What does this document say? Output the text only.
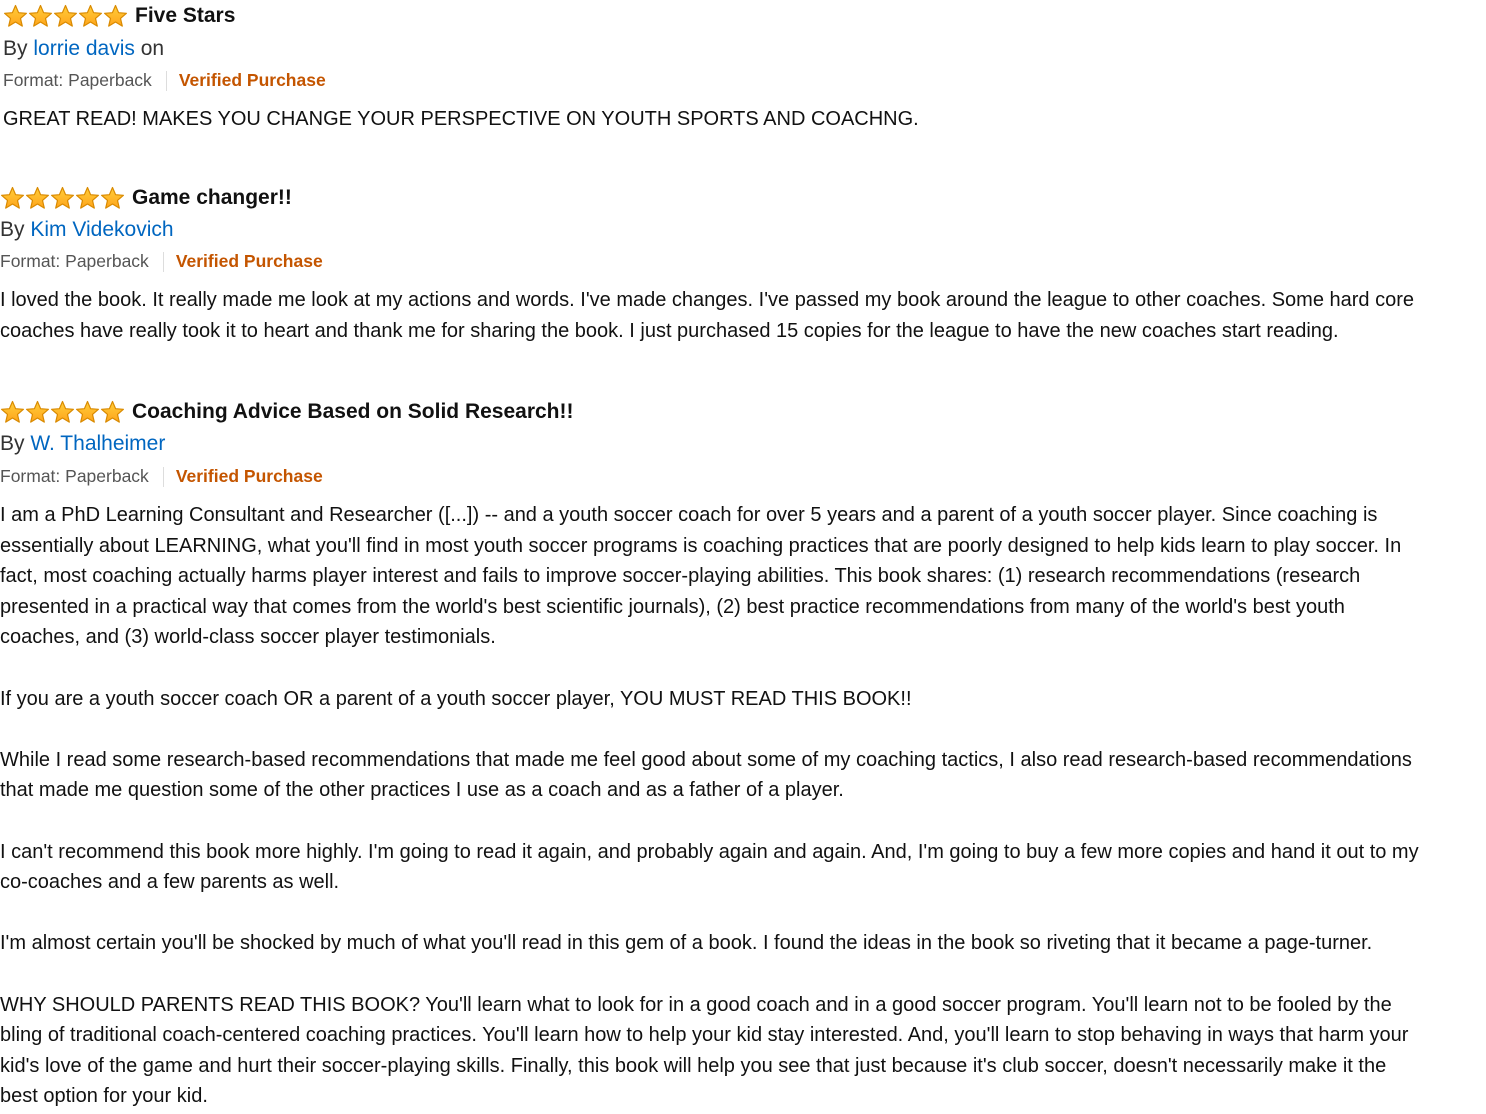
Five Stars
By lorrie davis on
Format: Paperback Verified Purchase

GREAT READ! MAKES YOU CHANGE YOUR PERSPECTIVE ON YOUTH SPORTS AND COACHNG.

Game changer!!
By Kim Videkovich
Format: Paperback Verified Purchase

I loved the book. It really made me look at my actions and words. I've made changes. I've passed my book around the league to other coaches. Some hard core

coaches have really took it to heart and thank me for sharing the book. I just purchased 15 copies for the league to have the new coaches start reading.

Coaching Advice Based on Solid Research!!
By W. Thalheimer
Format: Paperback Verified Purchase

I am a PhD Learning Consultant and Researcher ([...]) -- and a youth soccer coach for over 5 years and a parent of a youth soccer player. Since coaching is

essentially about LEARNING, what you'll find in most youth soccer programs is coaching practices that are poorly designed to help kids learn to play soccer. In

fact, most coaching actually harms player interest and fails to improve soccer-playing abilities. This book shares: (1) research recommendations (research

presented in a practical way that comes from the world's best scientific journals), (2) best practice recommendations from many of the world's best youth

coaches, and (3) world-class soccer player testimonials.

If you are a youth soccer coach OR a parent of a youth soccer player, YOU MUST READ THIS BOOK!!

While I read some research-based recommendations that made me feel good about some of my coaching tactics, I also read research-based recommendations

that made me question some of the other practices I use as a coach and as a father of a player.

I can't recommend this book more highly. I'm going to read it again, and probably again and again. And, I'm going to buy a few more copies and hand it out to my

co-coaches and a few parents as well.

I'm almost certain you'll be shocked by much of what you'll read in this gem of a book. I found the ideas in the book so riveting that it became a page-turner.

WHY SHOULD PARENTS READ THIS BOOK? You'll learn what to look for in a good coach and in a good soccer program. You'll learn not to be fooled by the

bling of traditional coach-centered coaching practices. You'll learn how to help your kid stay interested. And, you'll learn to stop behaving in ways that harm your

kid's love of the game and hurt their soccer-playing skills. Finally, this book will help you see that just because it's club soccer, doesn't necessarily make it the

best option for your kid.
